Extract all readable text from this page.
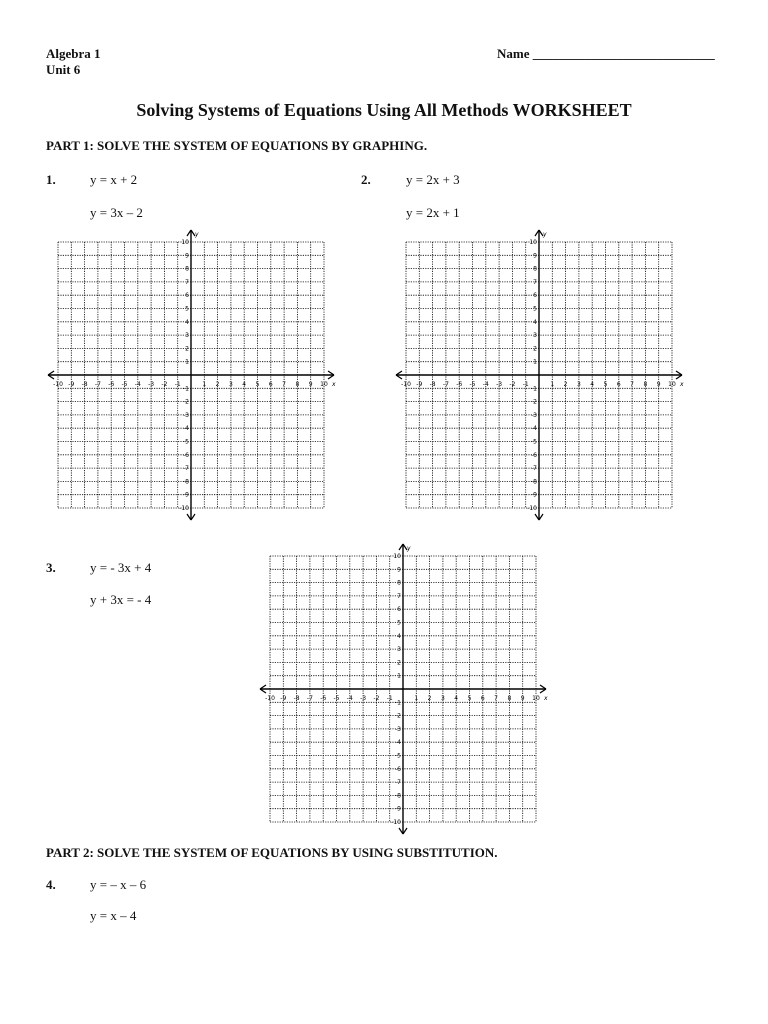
Algebra 1
Unit 6
Name ____________________________
Solving Systems of Equations Using All Methods WORKSHEET
PART 1: SOLVE THE SYSTEM OF EQUATIONS BY GRAPHING.
1.	y = x + 2
y = 3x – 2
2.	y = 2x + 3
y = 2x + 1
x
y
-10 -9 -8 -7 -6 -5 -4 -3 -2 -1	1 2 3 4 5 6 7 8 9 10
10
9
8
7
6
5
4
3
2
1
-1
-2
-3
-4
-5
-6
-7
-8
-9
-10
x
y
-10 -9 -8 -7 -6 -5 -4 -3 -2 -1	1 2 3 4 5 6 7 8 9 10
10
9
8
7
6
5
4
3
2
1
-1
-2
-3
-4
-5
-6
-7
-8
-9
-10
3.	y = - 3x + 4
y + 3x = - 4
x
y
-10 -9 -8 -7 -6 -5 -4 -3 -2 -1	1 2 3 4 5 6 7 8 9 10
10
9
8
7
6
5
4
3
2
1
-1
-2
-3
-4
-5
-6
-7
-8
-9
-10
PART 2: SOLVE THE SYSTEM OF EQUATIONS BY USING SUBSTITUTION.
4.	y = – x – 6
y = x – 4
